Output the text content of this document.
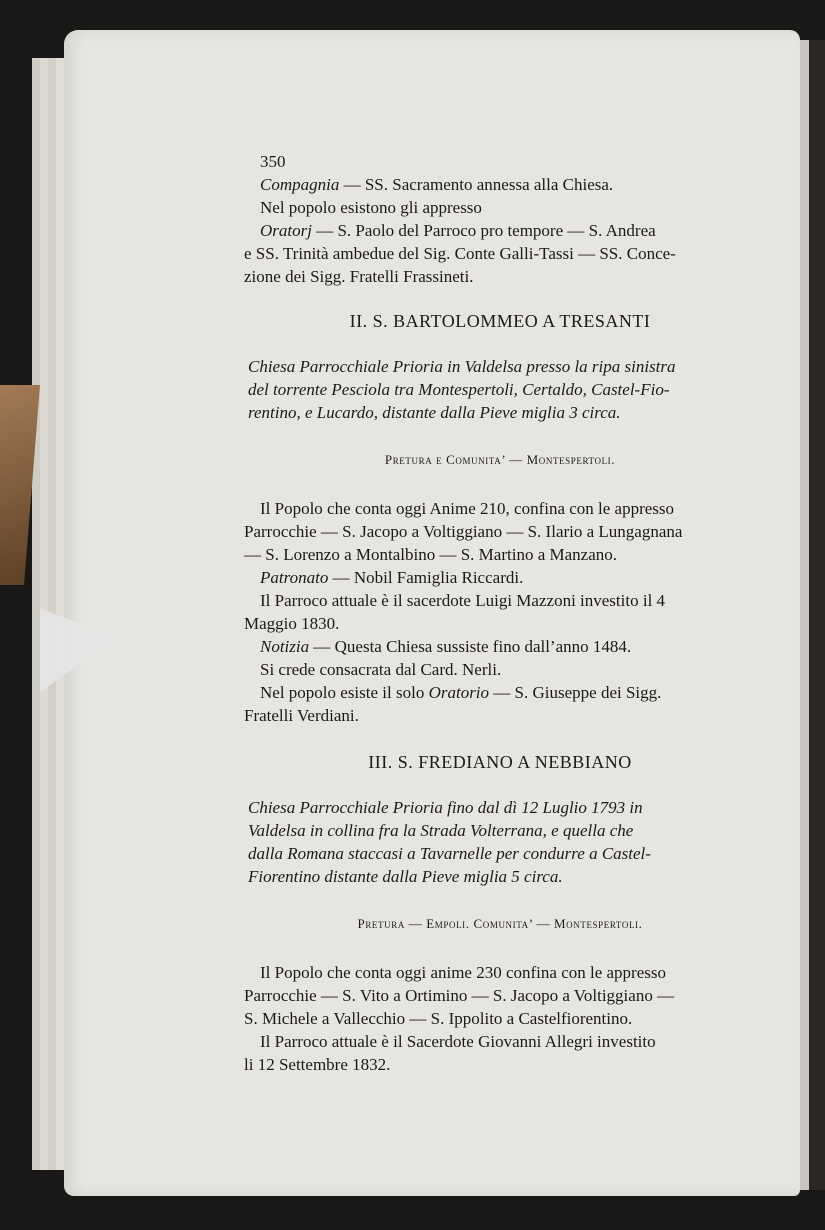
350

Compagnia — SS. Sacramento annessa alla Chiesa.

Nel popolo esistono gli appresso

Oratorj — S. Paolo del Parroco pro tempore — S. Andrea

e SS. Trinità ambedue del Sig. Conte Galli-Tassi — SS. Conce-

zione dei Sigg. Fratelli Frassineti.

II. S. BARTOLOMMEO A TRESANTI

Chiesa Parrocchiale Prioria in Valdelsa presso la ripa sinistra

del torrente Pesciola tra Montespertoli, Certaldo, Castel-Fio-

rentino, e Lucardo, distante dalla Pieve miglia 3 circa.

Pretura e Comunita’ — Montespertoli.

Il Popolo che conta oggi Anime 210, confina con le appresso

Parrocchie — S. Jacopo a Voltiggiano — S. Ilario a Lungagnana

— S. Lorenzo a Montalbino — S. Martino a Manzano.

Patronato — Nobil Famiglia Riccardi.

Il Parroco attuale è il sacerdote Luigi Mazzoni investito il 4

Maggio 1830.

Notizia — Questa Chiesa sussiste fino dall’anno 1484.

Si crede consacrata dal Card. Nerli.

Nel popolo esiste il solo Oratorio — S. Giuseppe dei Sigg.

Fratelli Verdiani.

III. S. FREDIANO A NEBBIANO

Chiesa Parrocchiale Prioria fino dal dì 12 Luglio 1793 in

Valdelsa in collina fra la Strada Volterrana, e quella che

dalla Romana staccasi a Tavarnelle per condurre a Castel-

Fiorentino distante dalla Pieve miglia 5 circa.

Pretura — Empoli. Comunita’ — Montespertoli.

Il Popolo che conta oggi anime 230 confina con le appresso

Parrocchie — S. Vito a Ortimino — S. Jacopo a Voltiggiano —

S. Michele a Vallecchio — S. Ippolito a Castelfiorentino.

Il Parroco attuale è il Sacerdote Giovanni Allegri investito

li 12 Settembre 1832.
